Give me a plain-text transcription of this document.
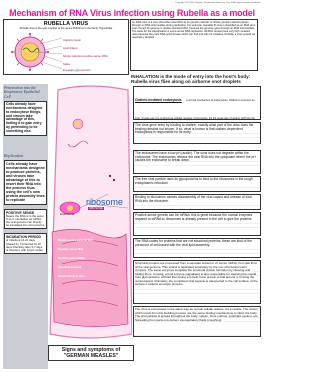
Copyright 2017 Nick Nguyen. Illustrations from Lucy Tran & All original images produced.
Mechanism of RNA Virus infection using Rubella as a model
RUBELLA VIRUS
Rubella virus is the sole member of the genus Rubivirus in the family Togaviridae
Capsid protein
Lipid bilayer
Single stranded positive sense RNA
Spike
Envelope glycoprotein
An RNA virus is a virus that either uses RNA as its genetic material, or whose genetic material passes through an RNA intermediate during replication. For example, Hepatitis B virus is classified as an RNA virus even though its genome is double-stranded DNA, because the genome goes through an RNA intermediate. The basis for the classification is some-sense RNA replication. All RNA viruses have very high mutation rates because they lack DNA polymerases which can find and edit out mistakes. Rubella, a virus spread via respiratory droplets.
INHALATION is the mode of entry into the host's body: Rubella virus flies along on airborne snot droplets
Penetration into the Respiratory Epithelial Cell
Cells already have mechanisms designed to endocytose things, and viruses take advantage of this, fooling it to gain entry by pretending to be something else.
Replication
Cells already have mechanisms designed to produce proteins, and viruses take advantage of this to insert their RNA into the process thus using the cell's own protein assembly lines to replicate
POSITIVE SENSE
Means the RNA is in the same 5'-to-3' orientation as mRNA; the viral genome can directly be translated into viral proteins
INCUBATION PERIOD
of rubella is 14-21 days. Shared by 74 infected by 10 days Infectivity after 5-7 days of infection, with lymph nodes
Endosome
ribosome
RIBOSOME
Positive-sense parental RNA
Negative-sense RNA
Positive-sense mRNA
Structural proteins
Nonstructural protein
Clathrin-mediated endocytosis a normal mechanism of endocytosis. Clathrin is common as coat, viruses use it to endocytose cellular receptor components. It's the usual way of getting stuff into the
The virus gene entry by binding to clathrin, exactly what part of the virus does the binding remains not known. If so, what is known is that clathrin-dependent endocytosis is responsible for its entry.
The endosomes have a low pH (acidic). The virus does not degrade within the endosome. The endosomes release the viral RNA into the cytoplasm where the pH causes the endosome to break down.
The free viral particle uses its glycoproteins to bind to the ribosomes in the rough endoplasmic reticulum
Binding to ribosomes causes disassembly of the viral capsid and release of viral RNA into the ribosome.
Positive-sense genetic can be mRNA: this is great because the normal enzymes required to mRNA to ribosomes is already present in the cell to give the proteins
The RNA codes for proteins that are not structural proteins, these are kind of the precursor of cell-based with the viral lipid assembly.
Structural proteins are processed from a separate subset of vrt sense mRNA, from last third of the viral genome. This strand is replicated separately by the non-structural protein complex. The same enzymes complete the structural protein formation by cleaving and folding them. In Golgi, a host enzyme (signalase) is also responsible for cleaving the capsid from glycoproteins, with E2 then being a C-helix trans protein to fold around it, forming the nucleocapsid. Ultimately, the completed viral capsule is transported to the cell surface, at the surface it collects envelope proteins.
The virus is exocytosed in the same way as normal cellular wastes, via a vesicle. The virions which result from this budding process use the same binding mechanisms to infect the body. The viral particle is spread throughout the body: spleen, bone marrow, lymphatic system, etc. Spreading from person to person via respiratory fluids (coughing)
Signs and symptoms of "GERMAN MEASLES"
